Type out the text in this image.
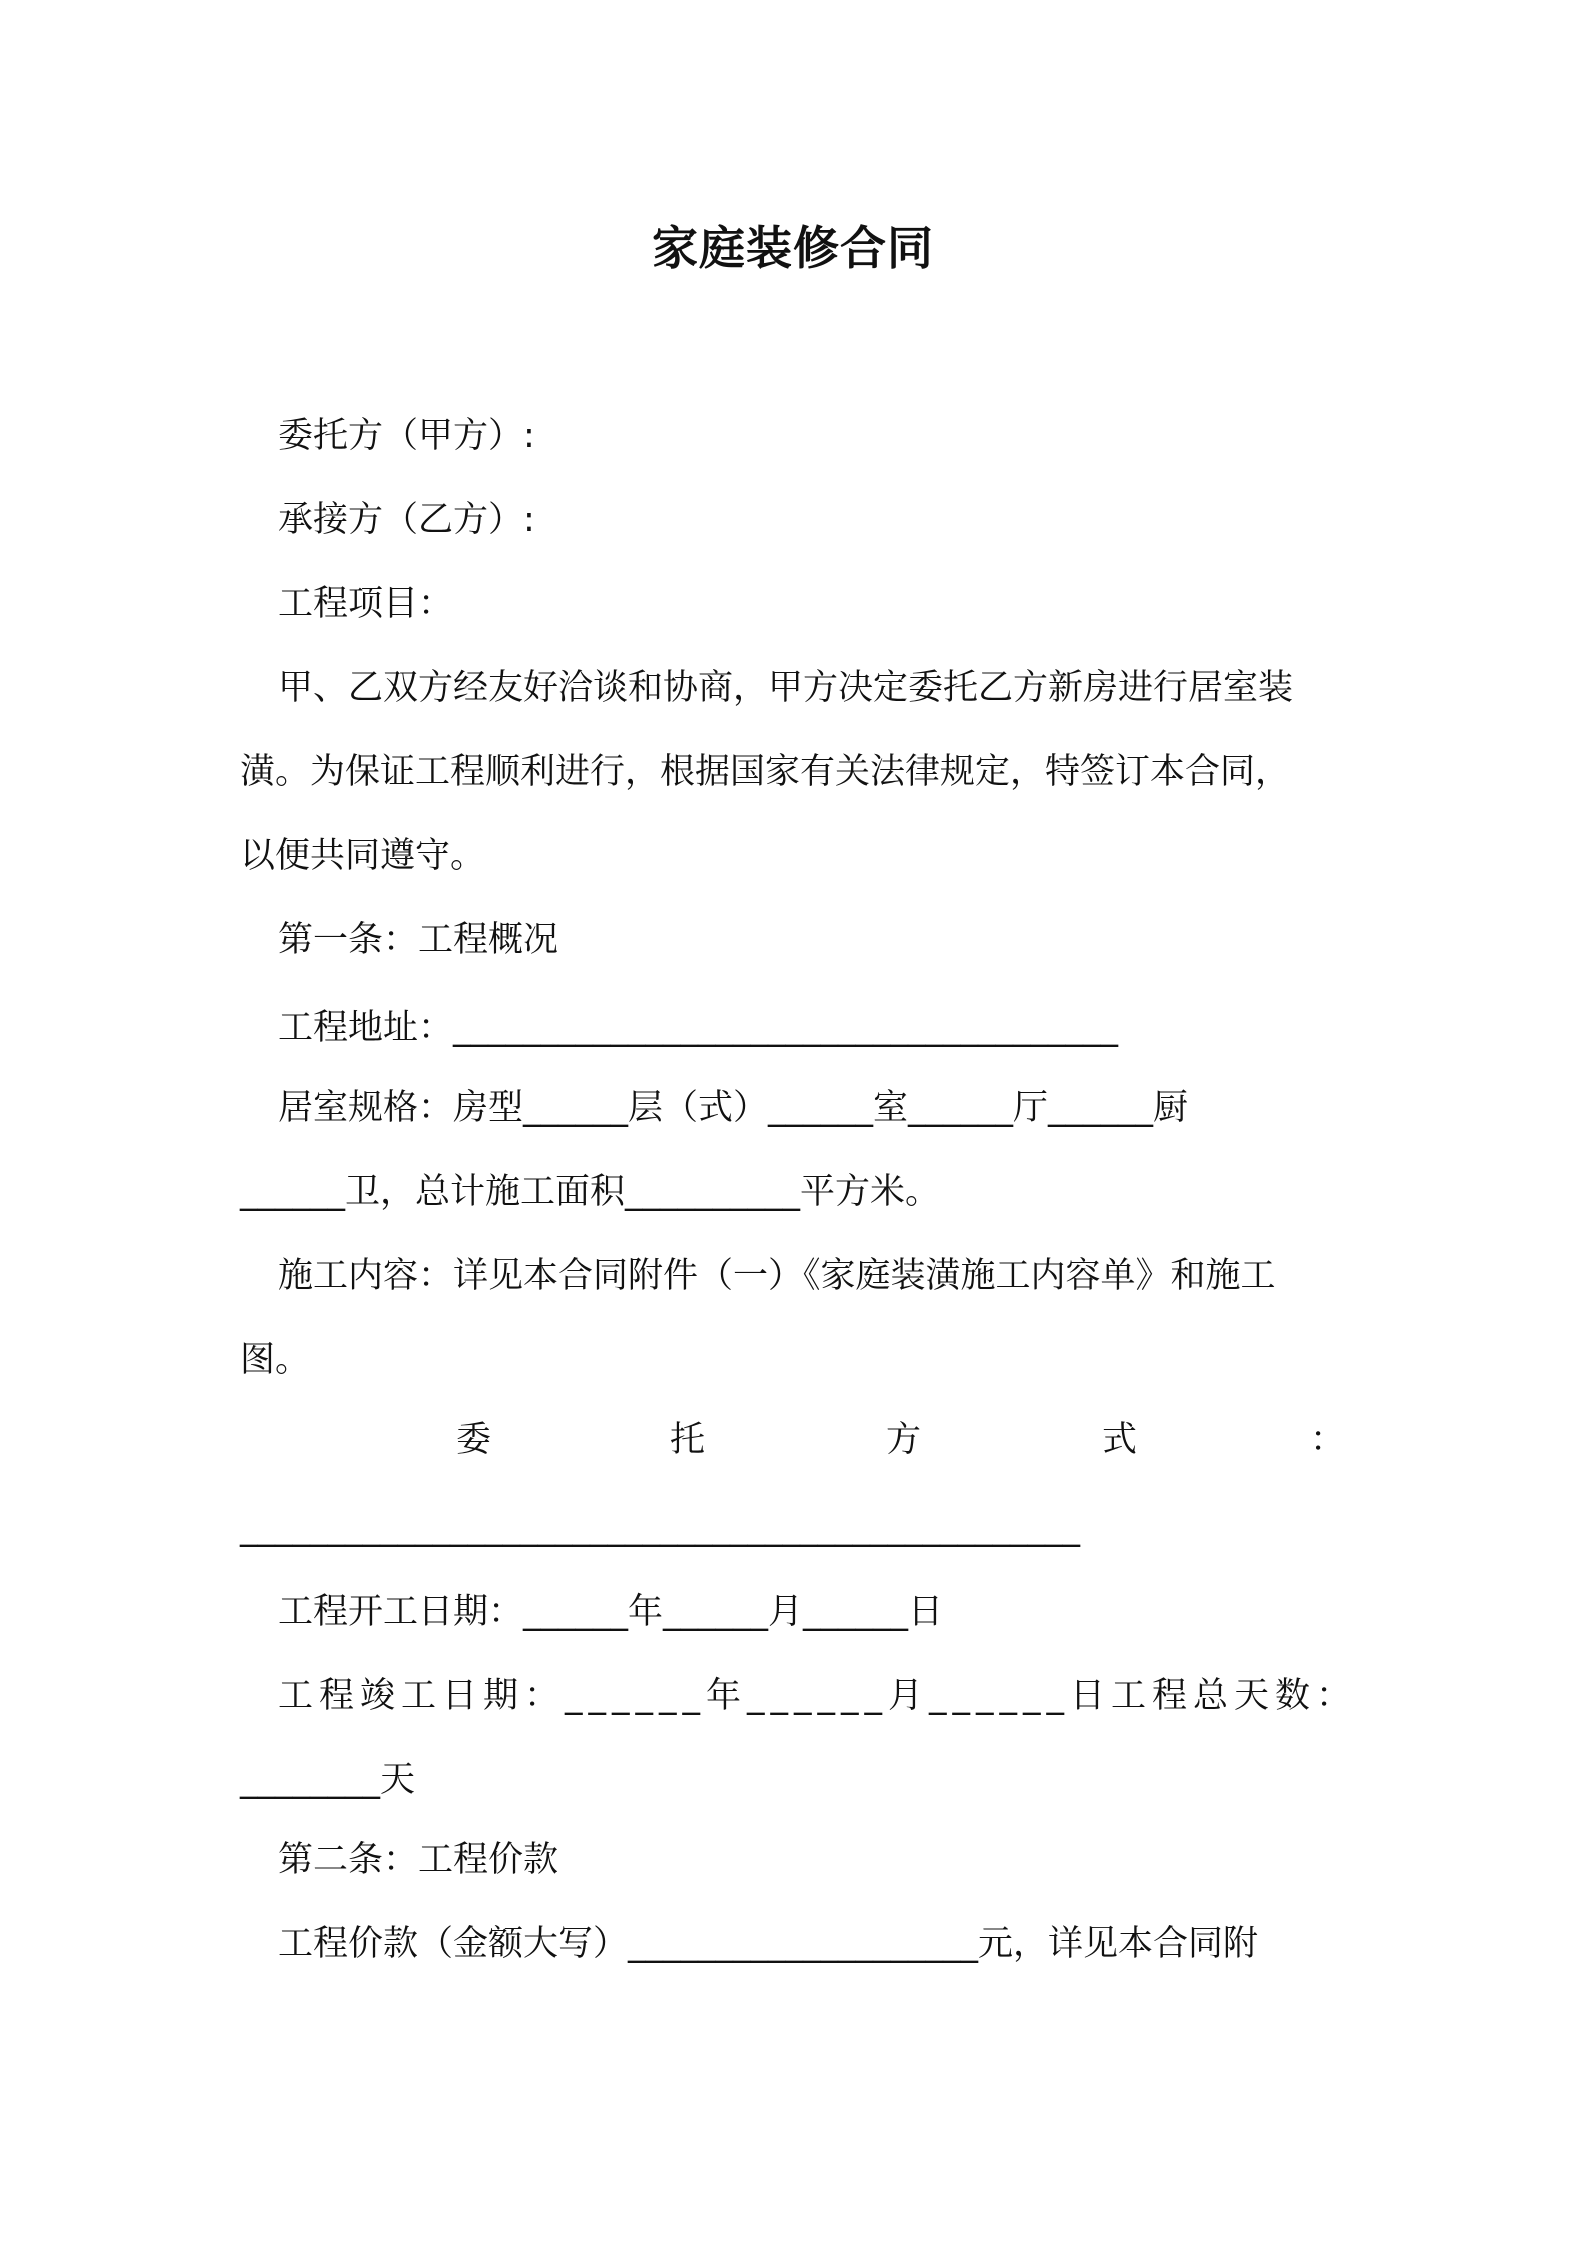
家庭装修合同
委托方（甲方）:
承接方（乙方）:
工程项目：
甲、乙双方经友好洽谈和协商，甲方决定委托乙方新房进行居室装
潢。为保证工程顺利进行，根据国家有关法律规定，特签订本合同，
以便共同遵守。
第一条：工程概况
工程地址：______________________________________
居室规格：房型______层（式）______室______厅______厨
______卫，总计施工面积__________平方米。
施工内容：详见本合同附件（一）《家庭装潢施工内容单》和施工
图。
委	托	方	式	：
________________________________________________
工程开工日期：______年______月______日
工程竣工日期：______年______月______日工程总天数：
________天
第二条：工程价款
工程价款（金额大写）____________________元，详见本合同附
